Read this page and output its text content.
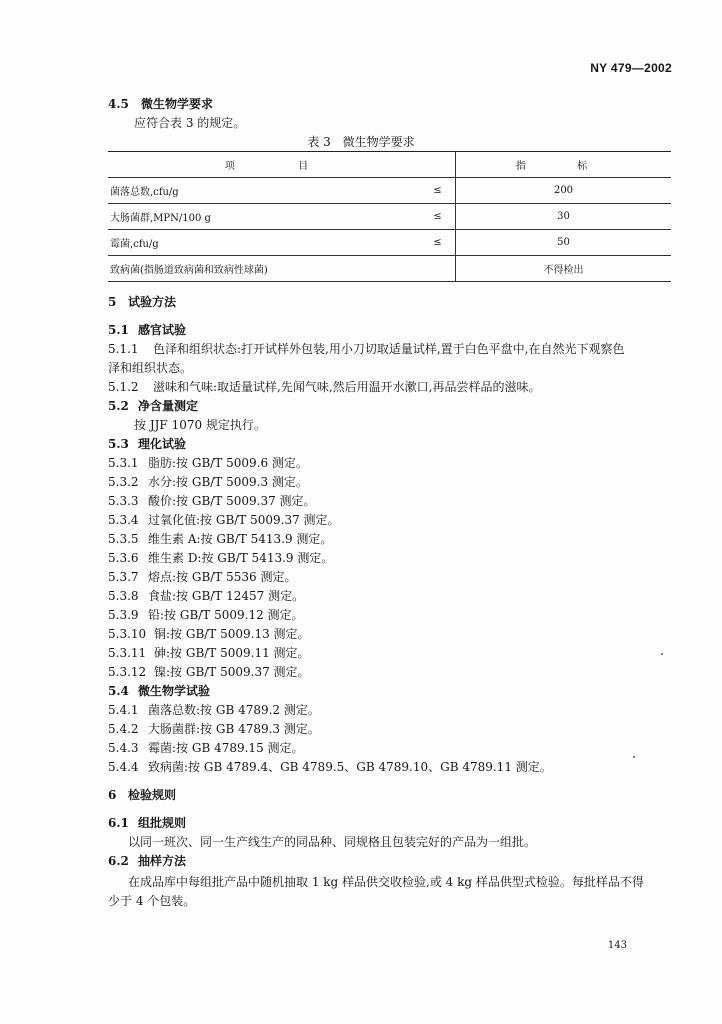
NY 479—2002
4.5 微生物学要求
应符合表 3 的规定。
表 3 微生物学要求
项 目		指 标
菌落总数,cfu/g	≤	200
大肠菌群,MPN/100 g	≤	30
霉菌,cfu/g	≤	50
致病菌(指肠道致病菌和致病性球菌)		不得检出
5 试验方法
5.1 感官试验
5.1.1 色泽和组织状态:打开试样外包装,用小刀切取适量试样,置于白色平盘中,在自然光下观察色
泽和组织状态。
5.1.2 滋味和气味:取适量试样,先闻气味,然后用温开水漱口,再品尝样品的滋味。
5.2 净含量测定
按 JJF 1070 规定执行。
5.3 理化试验
5.3.1 脂肪:按 GB/T 5009.6 测定。
5.3.2 水分:按 GB/T 5009.3 测定。
5.3.3 酸价:按 GB/T 5009.37 测定。
5.3.4 过氧化值:按 GB/T 5009.37 测定。
5.3.5 维生素 A:按 GB/T 5413.9 测定。
5.3.6 维生素 D:按 GB/T 5413.9 测定。
5.3.7 熔点:按 GB/T 5536 测定。
5.3.8 食盐:按 GB/T 12457 测定。
5.3.9 铅:按 GB/T 5009.12 测定。
5.3.10 铜:按 GB/T 5009.13 测定。
5.3.11 砷:按 GB/T 5009.11 测定。
5.3.12 镍:按 GB/T 5009.37 测定。
5.4 微生物学试验
5.4.1 菌落总数:按 GB 4789.2 测定。
5.4.2 大肠菌群:按 GB 4789.3 测定。
5.4.3 霉菌:按 GB 4789.15 测定。
5.4.4 致病菌:按 GB 4789.4、GB 4789.5、GB 4789.10、GB 4789.11 测定。
6 检验规则
6.1 组批规则
以同一班次、同一生产线生产的同品种、同规格且包装完好的产品为一组批。
6.2 抽样方法
在成品库中每组批产品中随机抽取 1 kg 样品供交收检验,或 4 kg 样品供型式检验。每批样品不得
少于 4 个包装。
143
